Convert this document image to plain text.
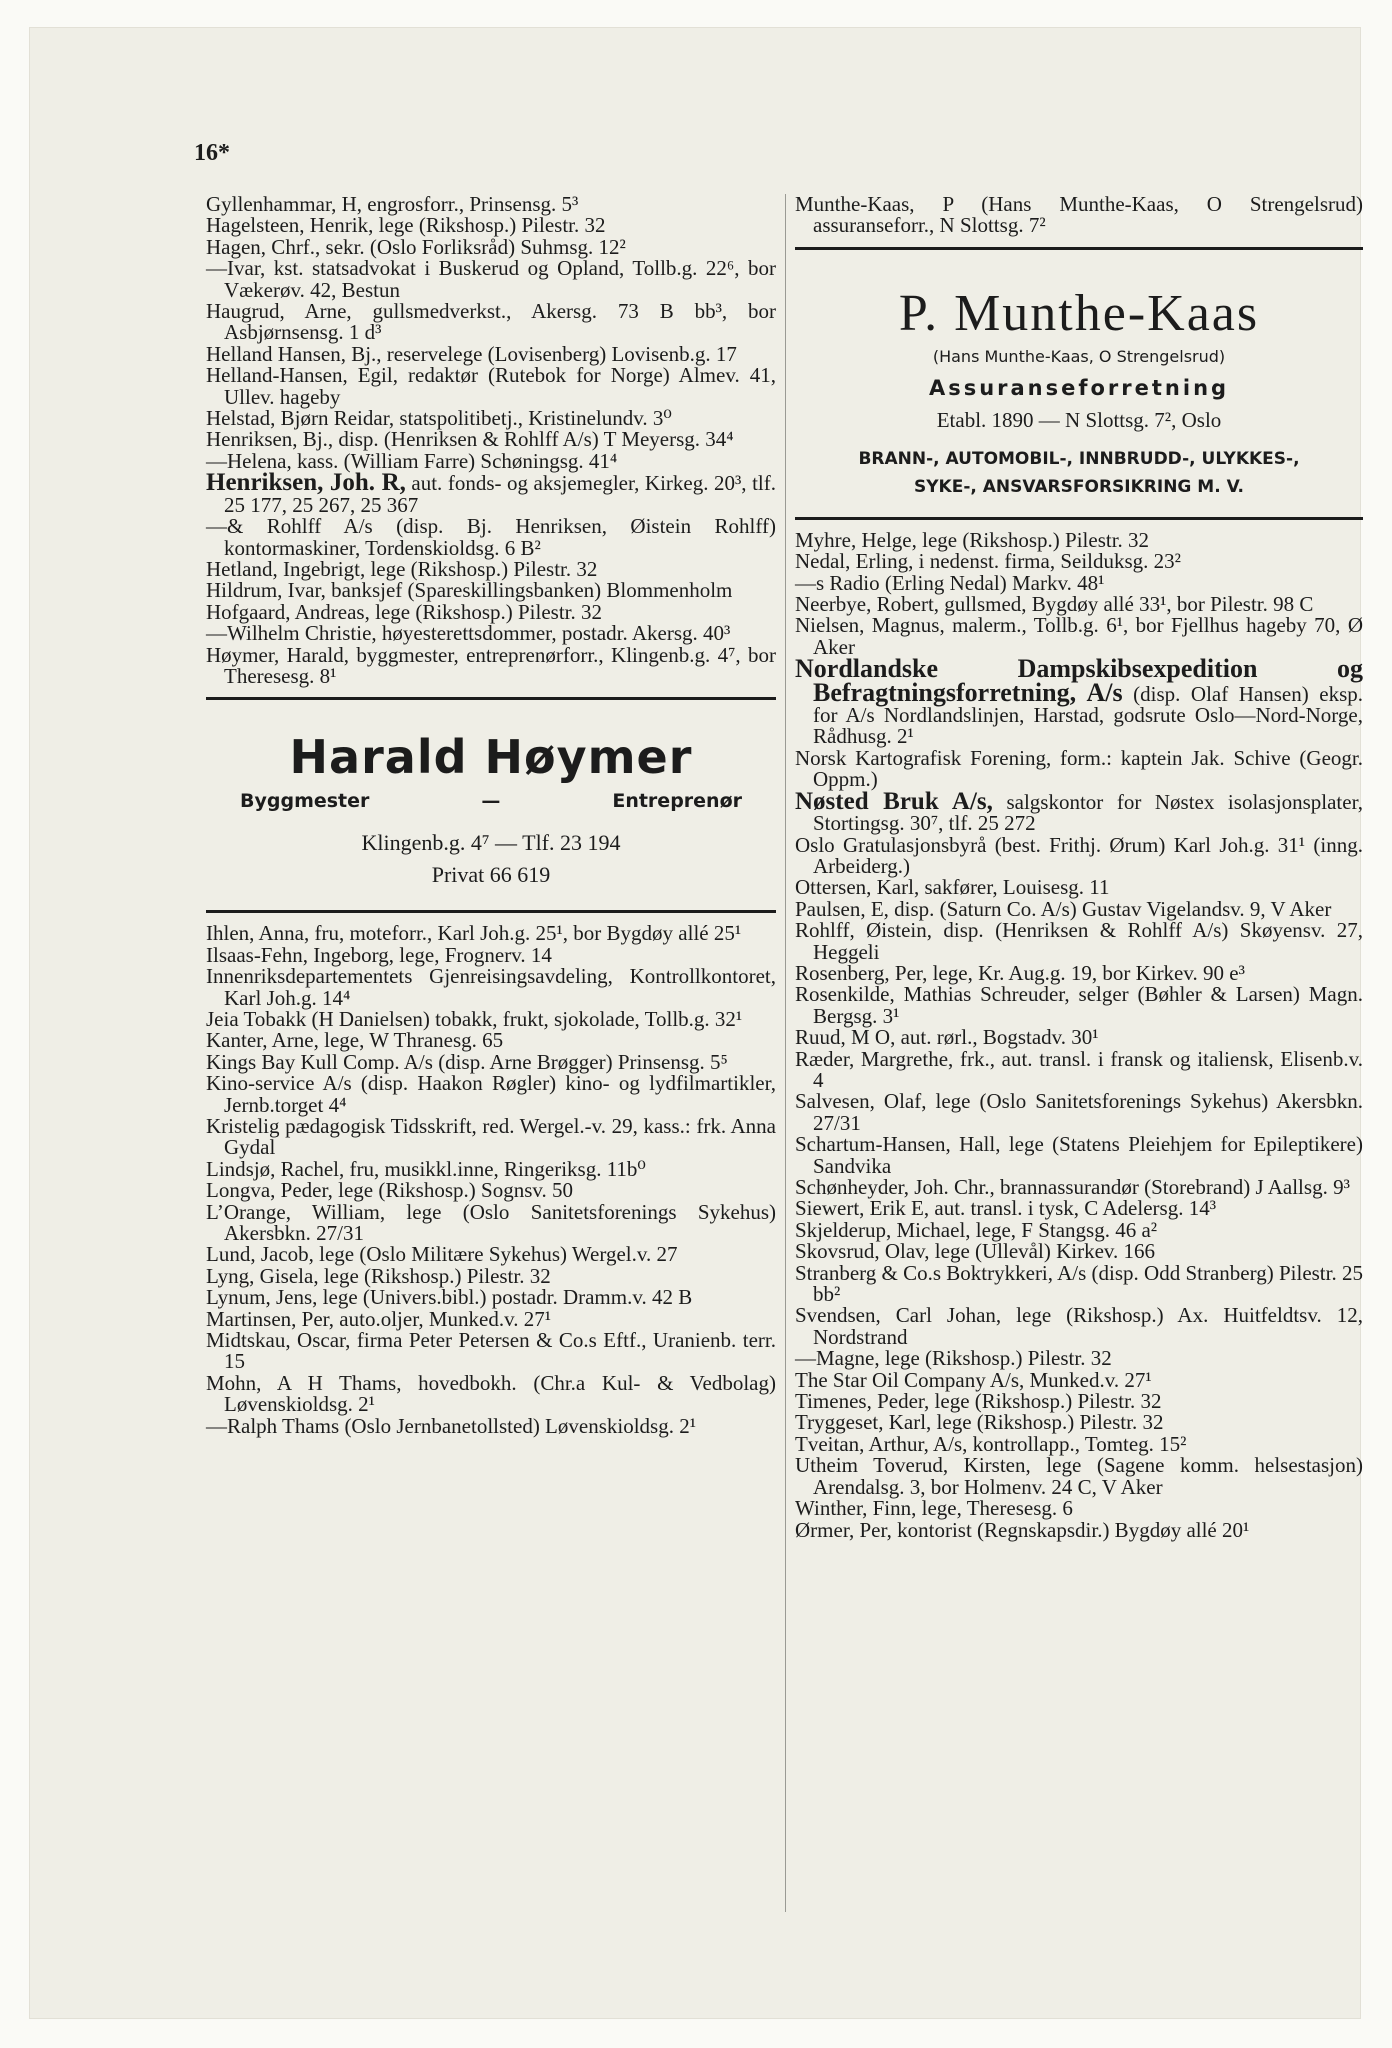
16*
Gyllenhammar, H, engrosforr., Prinsensg. 5³
Hagelsteen, Henrik, lege (Rikshosp.) Pilestr. 32
Hagen, Chrf., sekr. (Oslo Forliksråd) Suhmsg. 12²
—Ivar, kst. statsadvokat i Buskerud og Opland, Tollb.g. 22⁶, bor Vækerøv. 42, Bestun
Haugrud, Arne, gullsmedverkst., Akersg. 73 B bb³, bor Asbjørnsensg. 1 d³
Helland Hansen, Bj., reservelege (Lovisenberg) Lovisenb.g. 17
Helland-Hansen, Egil, redaktør (Rutebok for Norge) Almev. 41, Ullev. hageby
Helstad, Bjørn Reidar, statspolitibetj., Kristinelundv. 3⁰
Henriksen, Bj., disp. (Henriksen & Rohlff A/s) T Meyersg. 34⁴
—Helena, kass. (William Farre) Schøningsg. 41⁴
Henriksen, Joh. R, aut. fonds- og aksjemegler, Kirkeg. 20³, tlf. 25 177, 25 267, 25 367
—& Rohlff A/s (disp. Bj. Henriksen, Øistein Rohlff) kontormaskiner, Tordenskioldsg. 6 B²
Hetland, Ingebrigt, lege (Rikshosp.) Pilestr. 32
Hildrum, Ivar, banksjef (Spareskillingsbanken) Blommenholm
Hofgaard, Andreas, lege (Rikshosp.) Pilestr. 32
—Wilhelm Christie, høyesterettsdommer, postadr. Akersg. 40³
Høymer, Harald, byggmester, entreprenørforr., Klingenb.g. 4⁷, bor Theresesg. 8¹
Harald Høymer
Byggmester	—	Entreprenør
Klingenb.g. 4⁷ — Tlf. 23 194
Privat 66 619
Ihlen, Anna, fru, moteforr., Karl Joh.g. 25¹, bor Bygdøy allé 25¹
Ilsaas-Fehn, Ingeborg, lege, Frognerv. 14
Innenriksdepartementets Gjenreisingsavdeling, Kontrollkontoret, Karl Joh.g. 14⁴
Jeia Tobakk (H Danielsen) tobakk, frukt, sjokolade, Tollb.g. 32¹
Kanter, Arne, lege, W Thranesg. 65
Kings Bay Kull Comp. A/s (disp. Arne Brøgger) Prinsensg. 5⁵
Kino-service A/s (disp. Haakon Røgler) kino- og lydfilmartikler, Jernb.torget 4⁴
Kristelig pædagogisk Tidsskrift, red. Wergel.-v. 29, kass.: frk. Anna Gydal
Lindsjø, Rachel, fru, musikkl.inne, Ringeriksg. 11b⁰
Longva, Peder, lege (Rikshosp.) Sognsv. 50
L’Orange, William, lege (Oslo Sanitetsforenings Sykehus) Akersbkn. 27/31
Lund, Jacob, lege (Oslo Militære Sykehus) Wergel.v. 27
Lyng, Gisela, lege (Rikshosp.) Pilestr. 32
Lynum, Jens, lege (Univers.bibl.) postadr. Dramm.v. 42 B
Martinsen, Per, auto.oljer, Munked.v. 27¹
Midtskau, Oscar, firma Peter Petersen & Co.s Eftf., Uranienb. terr. 15
Mohn, A H Thams, hovedbokh. (Chr.a Kul- & Vedbolag) Løvenskioldsg. 2¹
—Ralph Thams (Oslo Jernbanetollsted) Løvenskioldsg. 2¹
Munthe-Kaas, P (Hans Munthe-Kaas, O Strengelsrud) assuranseforr., N Slottsg. 7²
P. Munthe-Kaas
(Hans Munthe-Kaas, O Strengelsrud)
Assuranseforretning
Etabl. 1890 — N Slottsg. 7², Oslo
BRANN-, AUTOMOBIL-, INNBRUDD-, ULYKKES-,
SYKE-, ANSVARSFORSIKRING M. V.
Myhre, Helge, lege (Rikshosp.) Pilestr. 32
Nedal, Erling, i nedenst. firma, Seilduksg. 23²
—s Radio (Erling Nedal) Markv. 48¹
Neerbye, Robert, gullsmed, Bygdøy allé 33¹, bor Pilestr. 98 C
Nielsen, Magnus, malerm., Tollb.g. 6¹, bor Fjellhus hageby 70, Ø Aker
Nordlandske Dampskibsexpedition og Befragtningsforretning, A/s (disp. Olaf Hansen) eksp. for A/s Nordlandslinjen, Harstad, godsrute Oslo—Nord-Norge, Rådhusg. 2¹
Norsk Kartografisk Forening, form.: kaptein Jak. Schive (Geogr. Oppm.)
Nøsted Bruk A/s, salgskontor for Nøstex isolasjonsplater, Stortingsg. 30⁷, tlf. 25 272
Oslo Gratulasjonsbyrå (best. Frithj. Ørum) Karl Joh.g. 31¹ (inng. Arbeiderg.)
Ottersen, Karl, sakfører, Louisesg. 11
Paulsen, E, disp. (Saturn Co. A/s) Gustav Vigelandsv. 9, V Aker
Rohlff, Øistein, disp. (Henriksen & Rohlff A/s) Skøyensv. 27, Heggeli
Rosenberg, Per, lege, Kr. Aug.g. 19, bor Kirkev. 90 e³
Rosenkilde, Mathias Schreuder, selger (Bøhler & Larsen) Magn. Bergsg. 3¹
Ruud, M O, aut. rørl., Bogstadv. 30¹
Ræder, Margrethe, frk., aut. transl. i fransk og italiensk, Elisenb.v. 4
Salvesen, Olaf, lege (Oslo Sanitetsforenings Sykehus) Akersbkn. 27/31
Schartum-Hansen, Hall, lege (Statens Pleiehjem for Epileptikere) Sandvika
Schønheyder, Joh. Chr., brannassurandør (Storebrand) J Aallsg. 9³
Siewert, Erik E, aut. transl. i tysk, C Adelersg. 14³
Skjelderup, Michael, lege, F Stangsg. 46 a²
Skovsrud, Olav, lege (Ullevål) Kirkev. 166
Stranberg & Co.s Boktrykkeri, A/s (disp. Odd Stranberg) Pilestr. 25 bb²
Svendsen, Carl Johan, lege (Rikshosp.) Ax. Huitfeldtsv. 12, Nordstrand
—Magne, lege (Rikshosp.) Pilestr. 32
The Star Oil Company A/s, Munked.v. 27¹
Timenes, Peder, lege (Rikshosp.) Pilestr. 32
Tryggeset, Karl, lege (Rikshosp.) Pilestr. 32
Tveitan, Arthur, A/s, kontrollapp., Tomteg. 15²
Utheim Toverud, Kirsten, lege (Sagene komm. helsestasjon) Arendalsg. 3, bor Holmenv. 24 C, V Aker
Winther, Finn, lege, Theresesg. 6
Ørmer, Per, kontorist (Regnskapsdir.) Bygdøy allé 20¹
